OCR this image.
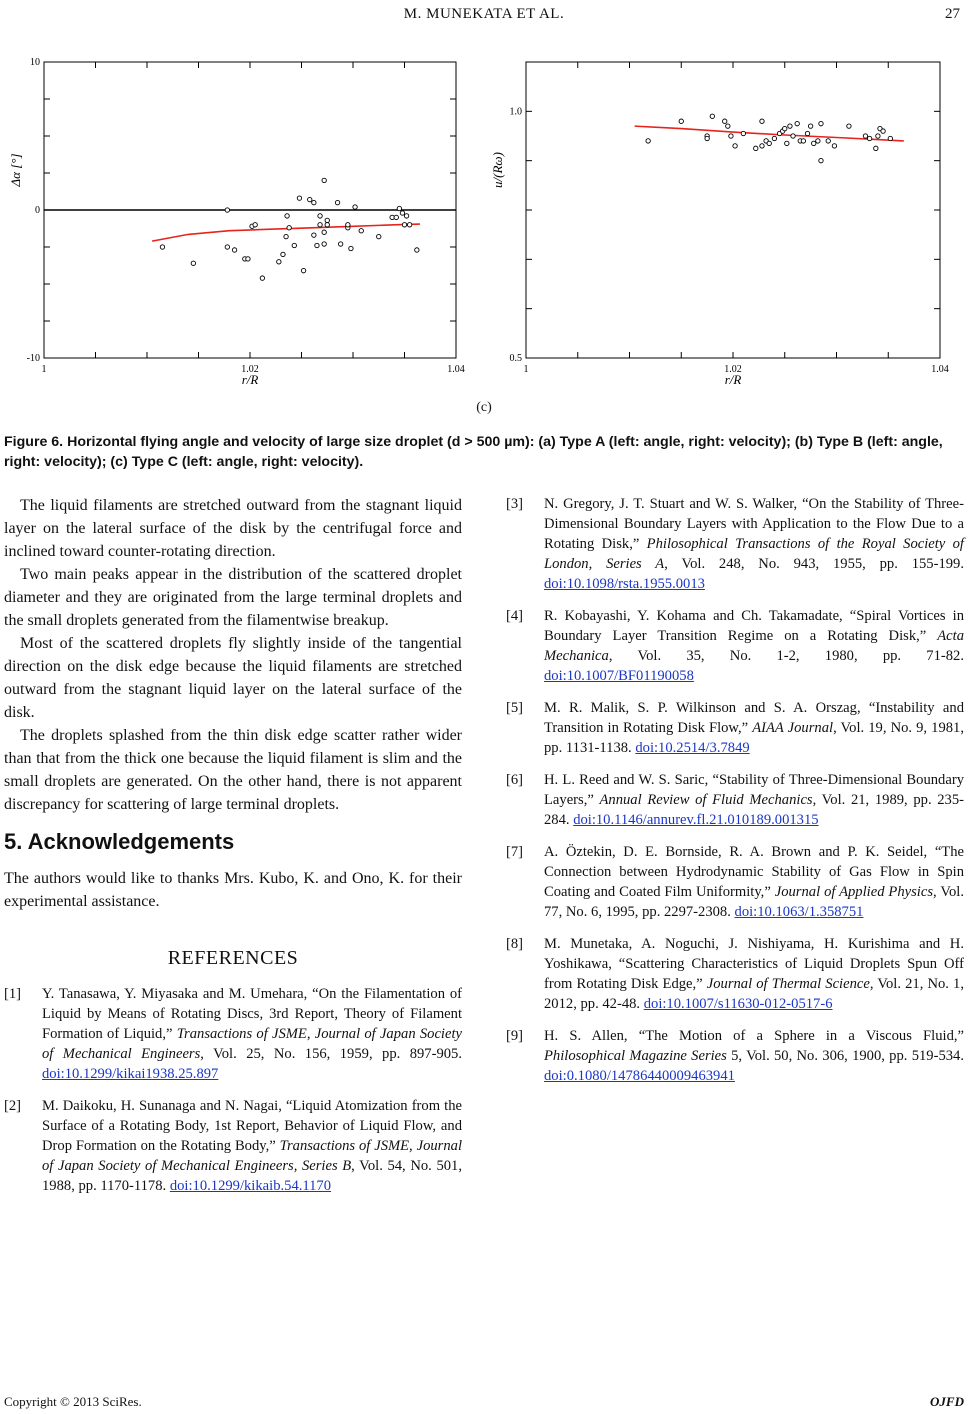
M. MUNEKATA ET AL.	27
1	1.02	1.04
-10
0
10
r/R
Δα [°]
1	1.02	1.04
0.5
1.0
r/R
u/(Rω)
(c)
Figure 6. Horizontal flying angle and velocity of large size droplet (d > 500 µm): (a) Type A (left: angle, right: velocity); (b) Type B (left: angle, right: velocity); (c) Type C (left: angle, right: velocity).

The liquid filaments are stretched outward from the stagnant liquid layer on the lateral surface of the disk by the centrifugal force and inclined toward counter-rotating direction.

Two main peaks appear in the distribution of the scattered droplet diameter and they are originated from the large terminal droplets and the small droplets generated from the filamentwise breakup.

Most of the scattered droplets fly slightly inside of the tangential direction on the disk edge because the liquid filaments are stretched outward from the stagnant liquid layer on the lateral surface of the disk.

The droplets splashed from the thin disk edge scatter rather wider than that from the thick one because the liquid filament is slim and the small droplets are generated. On the other hand, there is not apparent discrepancy for scattering of large terminal droplets.

5. Acknowledgements

The authors would like to thanks Mrs. Kubo, K. and Ono, K. for their experimental assistance.

REFERENCES
[1]	Y. Tanasawa, Y. Miyasaka and M. Umehara, “On the Filamentation of Liquid by Means of Rotating Discs, 3rd Report, Theory of Filament Formation of Liquid,” Transactions of JSME, Journal of Japan Society of Mechanical Engineers, Vol. 25, No. 156, 1959, pp. 897-905. doi:10.1299/kikai1938.25.897
[2]	M. Daikoku, H. Sunanaga and N. Nagai, “Liquid Atomization from the Surface of a Rotating Body, 1st Report, Behavior of Liquid Flow, and Drop Formation on the Rotating Body,” Transactions of JSME, Journal of Japan Society of Mechanical Engineers, Series B, Vol. 54, No. 501, 1988, pp. 1170-1178. doi:10.1299/kikaib.54.1170
[3]	N. Gregory, J. T. Stuart and W. S. Walker, “On the Stability of Three-Dimensional Boundary Layers with Application to the Flow Due to a Rotating Disk,” Philosophical Transactions of the Royal Society of London, Series A, Vol. 248, No. 943, 1955, pp. 155-199. doi:10.1098/rsta.1955.0013
[4]	R. Kobayashi, Y. Kohama and Ch. Takamadate, “Spiral Vortices in Boundary Layer Transition Regime on a Rotating Disk,” Acta Mechanica, Vol. 35, No. 1-2, 1980, pp. 71-82. doi:10.1007/BF01190058
[5]	M. R. Malik, S. P. Wilkinson and S. A. Orszag, “Instability and Transition in Rotating Disk Flow,” AIAA Journal, Vol. 19, No. 9, 1981, pp. 1131-1138. doi:10.2514/3.7849
[6]	H. L. Reed and W. S. Saric, “Stability of Three-Dimensional Boundary Layers,” Annual Review of Fluid Mechanics, Vol. 21, 1989, pp. 235-284. doi:10.1146/annurev.fl.21.010189.001315
[7]	A. Öztekin, D. E. Bornside, R. A. Brown and P. K. Seidel, “The Connection between Hydrodynamic Stability of Gas Flow in Spin Coating and Coated Film Uniformity,” Journal of Applied Physics, Vol. 77, No. 6, 1995, pp. 2297-2308. doi:10.1063/1.358751
[8]	M. Munetaka, A. Noguchi, J. Nishiyama, H. Kurishima and H. Yoshikawa, “Scattering Characteristics of Liquid Droplets Spun Off from Rotating Disk Edge,” Journal of Thermal Science, Vol. 21, No. 1, 2012, pp. 42-48. doi:10.1007/s11630-012-0517-6
[9]	H. S. Allen, “The Motion of a Sphere in a Viscous Fluid,” Philosophical Magazine Series 5, Vol. 50, No. 306, 1900, pp. 519-534. doi:0.1080/14786440009463941
Copyright © 2013 SciRes.	OJFD
